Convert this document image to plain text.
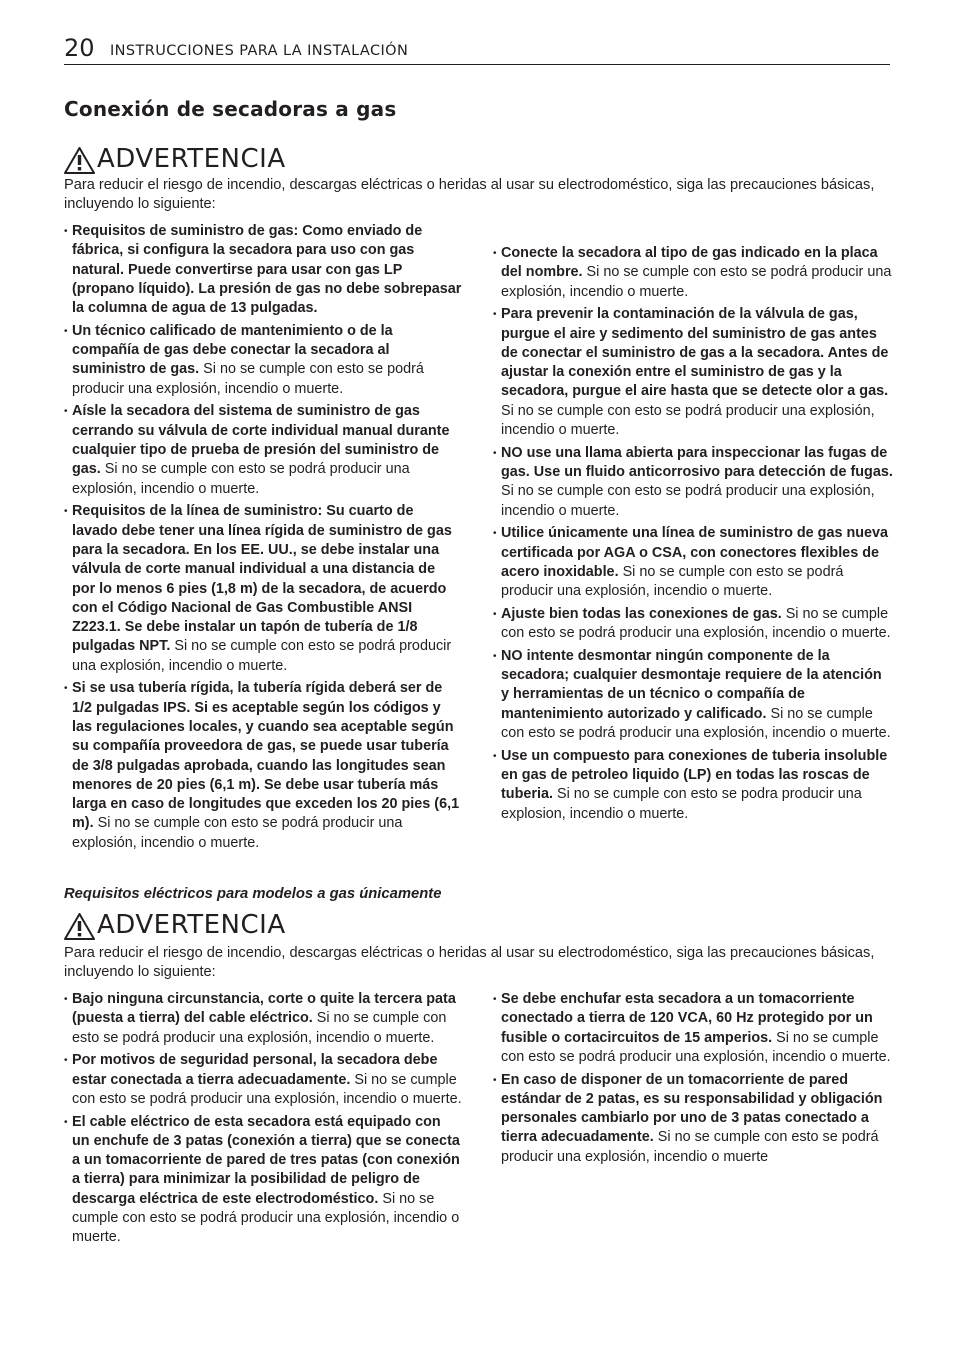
20 INSTRUCCIONES PARA LA INSTALACIÓN
Conexión de secadoras a gas
ADVERTENCIA
Para reducir el riesgo de incendio, descargas eléctricas o heridas al usar su electrodoméstico, siga las precauciones básicas, incluyendo lo siguiente:
• Requisitos de suministro de gas: Como enviado de fábrica, si configura la secadora para uso con gas natural. Puede convertirse para usar con gas LP (propano líquido). La presión de gas no debe sobrepasar la columna de agua de 13 pulgadas.
• Un técnico calificado de mantenimiento o de la compañía de gas debe conectar la secadora al suministro de gas. Si no se cumple con esto se podrá producir una explosión, incendio o muerte.
• Aísle la secadora del sistema de suministro de gas cerrando su válvula de corte individual manual durante cualquier tipo de prueba de presión del suministro de gas. Si no se cumple con esto se podrá producir una explosión, incendio o muerte.
• Requisitos de la línea de suministro: Su cuarto de lavado debe tener una línea rígida de suministro de gas para la secadora. En los EE. UU., se debe instalar una válvula de corte manual individual a una distancia de por lo menos 6 pies (1,8 m) de la secadora, de acuerdo con el Código Nacional de Gas Combustible ANSI Z223.1. Se debe instalar un tapón de tubería de 1/8 pulgadas NPT. Si no se cumple con esto se podrá producir una explosión, incendio o muerte.
• Si se usa tubería rígida, la tubería rígida deberá ser de 1/2 pulgadas IPS. Si es aceptable según los códigos y las regulaciones locales, y cuando sea aceptable según su compañía proveedora de gas, se puede usar tubería de 3/8 pulgadas aprobada, cuando las longitudes sean menores de 20 pies (6,1 m). Se debe usar tubería más larga en caso de longitudes que exceden los 20 pies (6,1 m). Si no se cumple con esto se podrá producir una explosión, incendio o muerte.
• Conecte la secadora al tipo de gas indicado en la placa del nombre. Si no se cumple con esto se podrá producir una explosión, incendio o muerte.
• Para prevenir la contaminación de la válvula de gas, purgue el aire y sedimento del suministro de gas antes de conectar el suministro de gas a la secadora. Antes de ajustar la conexión entre el suministro de gas y la secadora, purgue el aire hasta que se detecte olor a gas. Si no se cumple con esto se podrá producir una explosión, incendio o muerte.
• NO use una llama abierta para inspeccionar las fugas de gas. Use un fluido anticorrosivo para detección de fugas. Si no se cumple con esto se podrá producir una explosión, incendio o muerte.
• Utilice únicamente una línea de suministro de gas nueva certificada por AGA o CSA, con conectores flexibles de acero inoxidable. Si no se cumple con esto se podrá producir una explosión, incendio o muerte.
• Ajuste bien todas las conexiones de gas. Si no se cumple con esto se podrá producir una explosión, incendio o muerte.
• NO intente desmontar ningún componente de la secadora; cualquier desmontaje requiere de la atención y herramientas de un técnico o compañía de mantenimiento autorizado y calificado. Si no se cumple con esto se podrá producir una explosión, incendio o muerte.
• Use un compuesto para conexiones de tuberia insoluble en gas de petroleo liquido (LP) en todas las roscas de tuberia. Si no se cumple con esto se podra producir una explosion, incendio o muerte.
Requisitos eléctricos para modelos a gas únicamente
ADVERTENCIA
Para reducir el riesgo de incendio, descargas eléctricas o heridas al usar su electrodoméstico, siga las precauciones básicas, incluyendo lo siguiente:
• Bajo ninguna circunstancia, corte o quite la tercera pata (puesta a tierra) del cable eléctrico. Si no se cumple con esto se podrá producir una explosión, incendio o muerte.
• Por motivos de seguridad personal, la secadora debe estar conectada a tierra adecuadamente. Si no se cumple con esto se podrá producir una explosión, incendio o muerte.
• El cable eléctrico de esta secadora está equipado con un enchufe de 3 patas (conexión a tierra) que se conecta a un tomacorriente de pared de tres patas (con conexión a tierra) para minimizar la posibilidad de peligro de descarga eléctrica de este electrodoméstico. Si no se cumple con esto se podrá producir una explosión, incendio o muerte.
• Se debe enchufar esta secadora a un tomacorriente conectado a tierra de 120 VCA, 60 Hz protegido por un fusible o cortacircuitos de 15 amperios. Si no se cumple con esto se podrá producir una explosión, incendio o muerte.
• En caso de disponer de un tomacorriente de pared estándar de 2 patas, es su responsabilidad y obligación personales cambiarlo por uno de 3 patas conectado a tierra adecuadamente. Si no se cumple con esto se podrá producir una explosión, incendio o muerte
